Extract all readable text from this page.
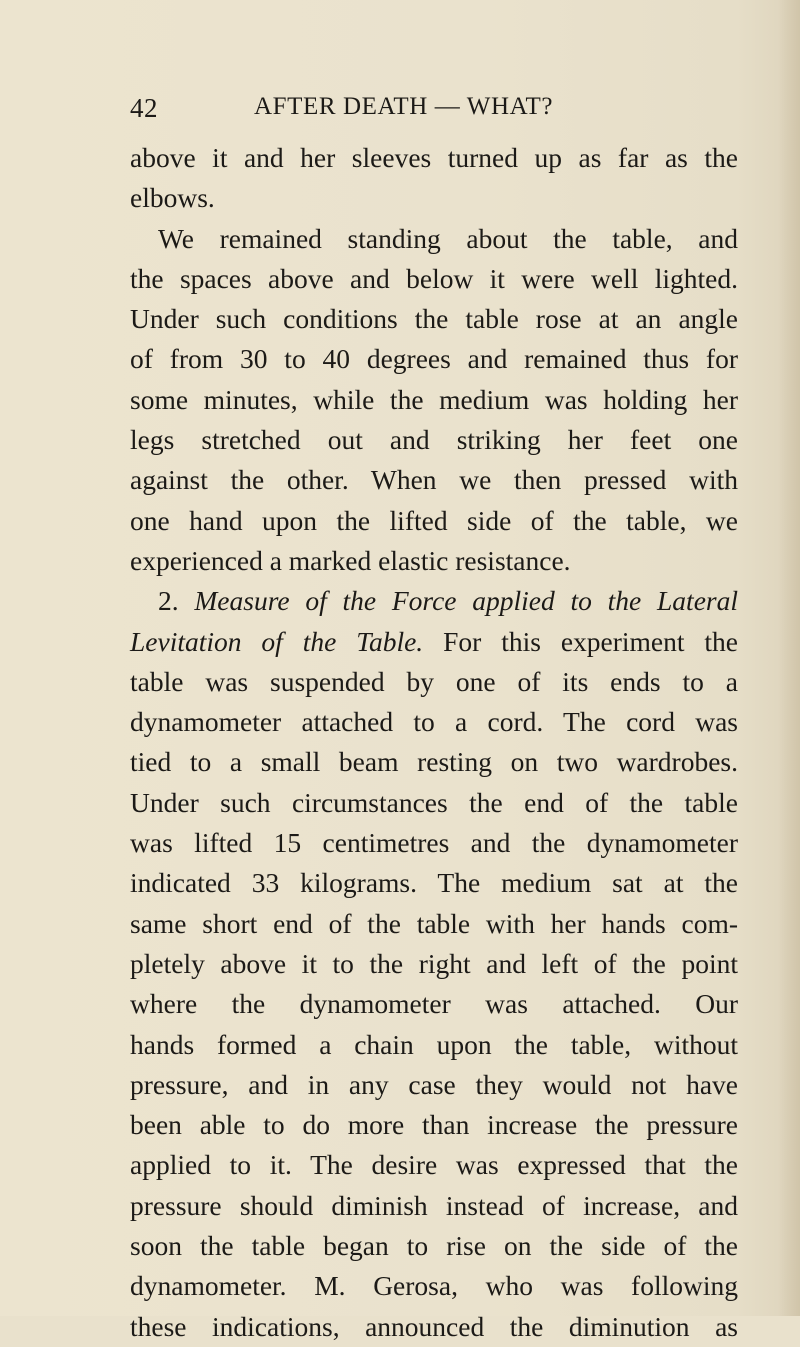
42	AFTER DEATH — WHAT?
above it and her sleeves turned up as far as the
elbows.
We remained standing about the table, and
the spaces above and below it were well lighted.
Under such conditions the table rose at an angle
of from 30 to 40 degrees and remained thus for
some minutes, while the medium was holding her
legs stretched out and striking her feet one
against the other. When we then pressed with
one hand upon the lifted side of the table, we
experienced a marked elastic resistance.
2. Measure of the Force applied to the Lateral
Levitation of the Table. For this experiment the
table was suspended by one of its ends to a
dynamometer attached to a cord. The cord was
tied to a small beam resting on two wardrobes.
Under such circumstances the end of the table
was lifted 15 centimetres and the dynamometer
indicated 33 kilograms. The medium sat at the
same short end of the table with her hands com-
pletely above it to the right and left of the point
where the dynamometer was attached. Our
hands formed a chain upon the table, without
pressure, and in any case they would not have
been able to do more than increase the pressure
applied to it. The desire was expressed that the
pressure should diminish instead of increase, and
soon the table began to rise on the side of the
dynamometer. M. Gerosa, who was following
these indications, announced the diminution as
